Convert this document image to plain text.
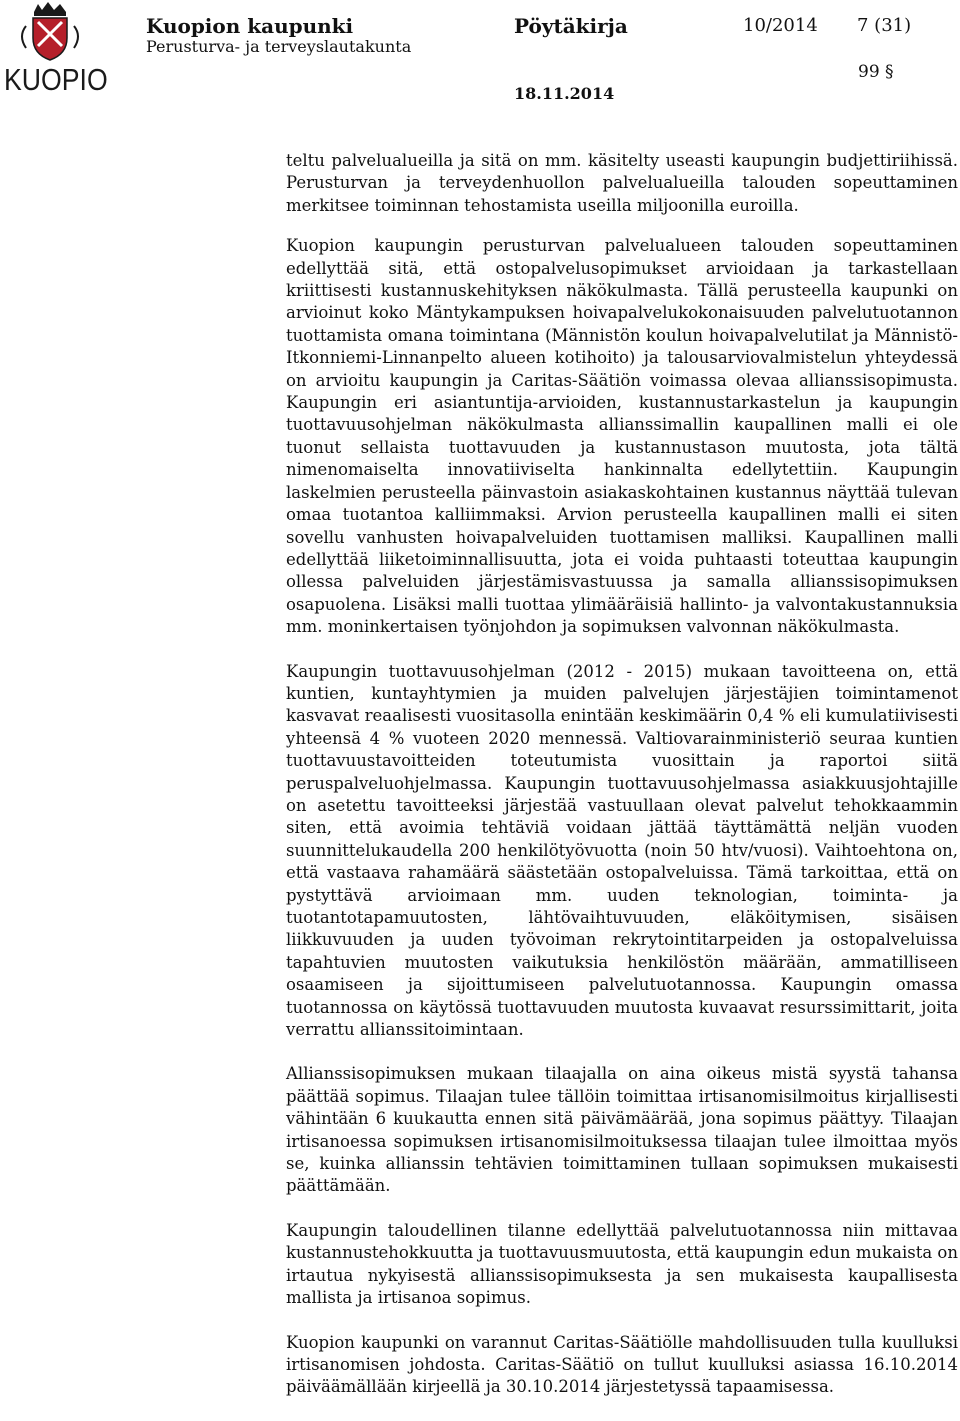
KUOPIO
Kuopion kaupunki
Perusturva- ja terveyslautakunta
Pöytäkirja	10/2014 7 (31)
99 §
18.11.2014

teltu palvelualueilla ja sitä on mm. käsitelty useasti kaupungin budjettiriihissä. Perusturvan ja terveydenhuollon palvelualueilla talouden sopeuttaminen merkitsee toiminnan tehostamista useilla miljoonilla euroilla.

Kuopion kaupungin perusturvan palvelualueen talouden sopeuttaminen edellyttää sitä, että ostopalvelusopimukset arvioidaan ja tarkastellaan kriittisesti kustannuskehityksen näkökulmasta. Tällä perusteella kaupunki on arvioinut koko Mäntykampuksen hoivapalvelukokonaisuuden palvelutuotannon tuottamista omana toimintana (Männistön koulun hoivapalvelutilat ja Männistö-Itkonniemi-Linnanpelto alueen kotihoito) ja talousarviovalmistelun yhteydessä on arvioitu kaupungin ja Caritas-Säätiön voimassa olevaa allianssisopimusta. Kaupungin eri asiantuntija-arvioiden, kustannustarkastelun ja kaupungin tuottavuusohjelman näkökulmasta allianssimallin kaupallinen malli ei ole tuonut sellaista tuottavuuden ja kustannustason muutosta, jota tältä nimenomaiselta innovatiiviselta hankinnalta edellytettiin. Kaupungin laskelmien perusteella päinvastoin asiakaskohtainen kustannus näyttää tulevan omaa tuotantoa kalliimmaksi. Arvion perusteella kaupallinen malli ei siten sovellu vanhusten hoivapalveluiden tuottamisen malliksi. Kaupallinen malli edellyttää liiketoiminnallisuutta, jota ei voida puhtaasti toteuttaa kaupungin ollessa palveluiden järjestämisvastuussa ja samalla allianssisopimuksen osapuolena. Lisäksi malli tuottaa ylimääräisiä hallinto- ja valvontakustannuksia mm. moninkertaisen työnjohdon ja sopimuksen valvonnan näkökulmasta.

Kaupungin tuottavuusohjelman (2012 - 2015) mukaan tavoitteena on, että kuntien, kuntayhtymien ja muiden palvelujen järjestäjien toimintamenot kasvavat reaalisesti vuositasolla enintään keskimäärin 0,4 % eli kumulatiivisesti yhteensä 4 % vuoteen 2020 mennessä. Valtiovarainministeriö seuraa kuntien tuottavuustavoitteiden toteutumista vuosittain ja raportoi siitä peruspalveluohjelmassa. Kaupungin tuottavuusohjelmassa asiakkuusjohtajille on asetettu tavoitteeksi järjestää vastuullaan olevat palvelut tehokkaammin siten, että avoimia tehtäviä voidaan jättää täyttämättä neljän vuoden suunnittelukaudella 200 henkilötyövuotta (noin 50 htv/vuosi). Vaihtoehtona on, että vastaava rahamäärä säästetään ostopalveluissa. Tämä tarkoittaa, että on pystyttävä arvioimaan mm. uuden teknologian, toiminta- ja tuotantotapamuutosten, lähtövaihtuvuuden, eläköitymisen, sisäisen liikkuvuuden ja uuden työvoiman rekrytointitarpeiden ja ostopalveluissa tapahtuvien muutosten vaikutuksia henkilöstön määrään, ammatilliseen osaamiseen ja sijoittumiseen palvelutuotannossa. Kaupungin omassa tuotannossa on käytössä tuottavuuden muutosta kuvaavat resurssimittarit, joita verrattu allianssitoimintaan.

Allianssisopimuksen mukaan tilaajalla on aina oikeus mistä syystä tahansa päättää sopimus. Tilaajan tulee tällöin toimittaa irtisanomisilmoitus kirjallisesti vähintään 6 kuukautta ennen sitä päivämäärää, jona sopimus päättyy. Tilaajan irtisanoessa sopimuksen irtisanomisilmoituksessa tilaajan tulee ilmoittaa myös se, kuinka allianssin tehtävien toimittaminen tullaan sopimuksen mukaisesti päättämään.

Kaupungin taloudellinen tilanne edellyttää palvelutuotannossa niin mittavaa kustannustehokkuutta ja tuottavuusmuutosta, että kaupungin edun mukaista on irtautua nykyisestä allianssisopimuksesta ja sen mukaisesta kaupallisesta mallista ja irtisanoa sopimus.

Kuopion kaupunki on varannut Caritas-Säätiölle mahdollisuuden tulla kuulluksi irtisanomisen johdosta. Caritas-Säätiö on tullut kuulluksi asiassa 16.10.2014 päiväämällään kirjeellä ja 30.10.2014 järjestetyssä tapaamisessa.
